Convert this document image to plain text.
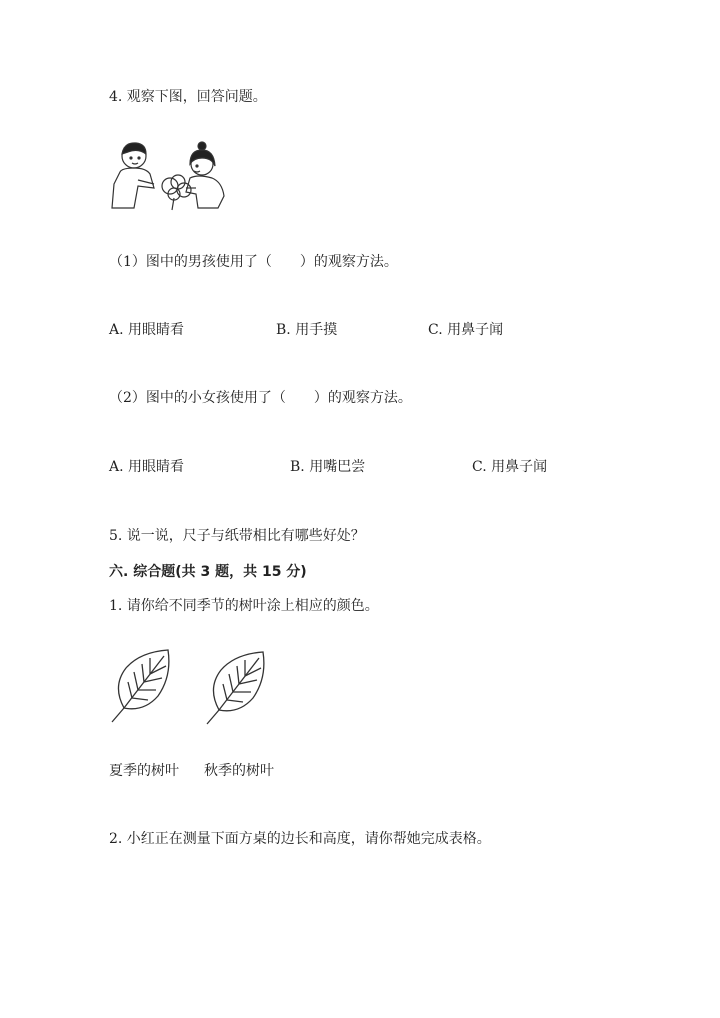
4. 观察下图，回答问题。
（1）图中的男孩使用了（　　）的观察方法。
A. 用眼睛看	B. 用手摸	C. 用鼻子闻
（2）图中的小女孩使用了（　　）的观察方法。
A. 用眼睛看	B. 用嘴巴尝	C. 用鼻子闻
5. 说一说，尺子与纸带相比有哪些好处？
六. 综合题(共 3 题，共 15 分)
1. 请你给不同季节的树叶涂上相应的颜色。
夏季的树叶 秋季的树叶
2. 小红正在测量下面方桌的边长和高度，请你帮她完成表格。
